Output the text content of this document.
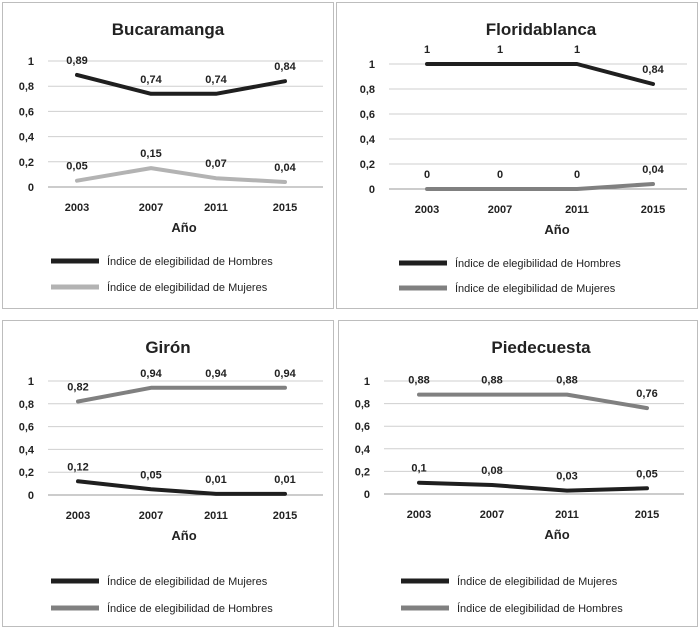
Bucaramanga
0
0,2
0,4
0,6
0,8
1
2003	2007	2011	2015
Año
0,89
0,74	0,74
0,84
Índice de elegibilidad de Hombres
0,05
0,15
0,07	0,04
Índice de elegibilidad de Mujeres
Floridablanca
0
0,2
0,4
0,6
0,8
1
2003	2007	2011	2015
Año
1	1	1
0,84
Índice de elegibilidad de Hombres
0	0	0	0,04
Índice de elegibilidad de Mujeres
Girón
0
0,2
0,4
0,6
0,8
1
2003	2007	2011	2015
Año
0,12
0,05	0,01	0,01
Índice de elegibilidad de Mujeres
0,82
0,94	0,94	0,94
Índice de elegibilidad de Hombres
Piedecuesta
0
0,2
0,4
0,6
0,8
1
2003	2007	2011	2015
Año
0,1	0,08	0,03	0,05
Índice de elegibilidad de Mujeres
0,88	0,88	0,88
0,76
Índice de elegibilidad de Hombres
